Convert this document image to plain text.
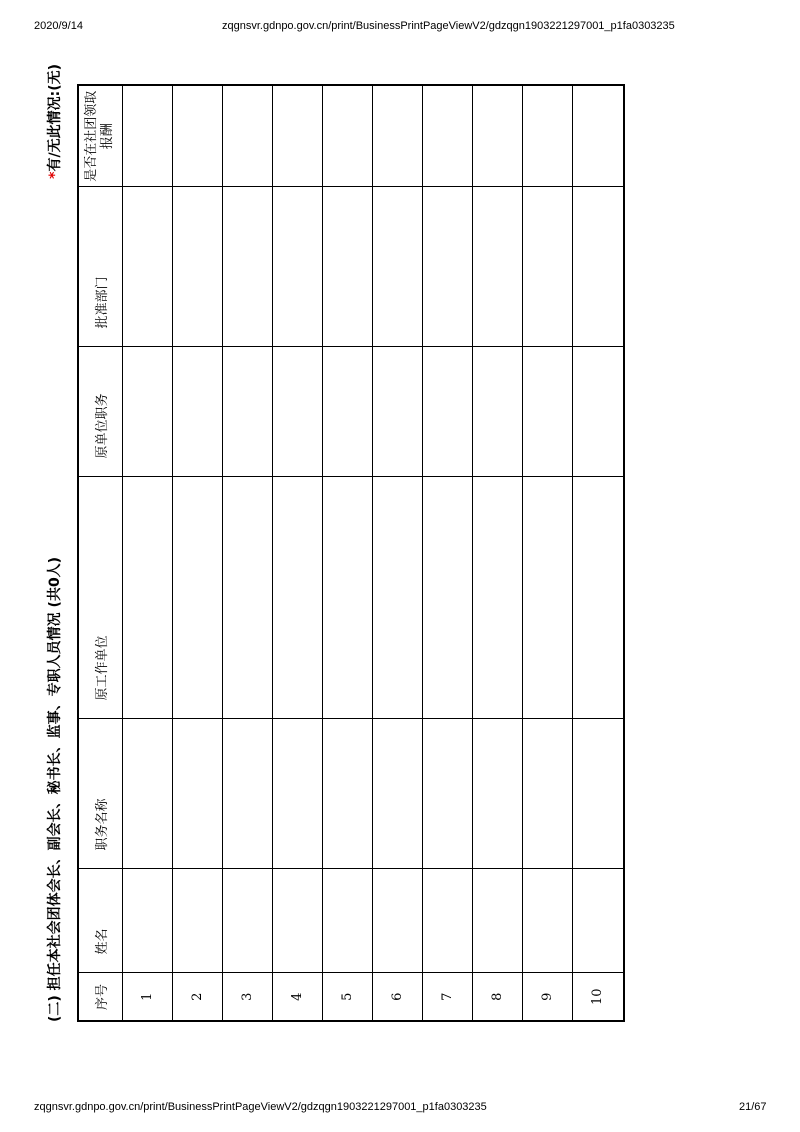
2020/9/14	zqgnsvr.gdnpo.gov.cn/print/BusinessPrintPageViewV2/gdzqgn1903221297001_p1fa0303235
(二) 担任本社会团体会长、副会长、秘书长、监事、专职人员情况 (共0人)
*有/无此情况:(无)
序号	姓名	职务名称	原工作单位	原单位职务	批准部门	是否在社团领取报酬
1						
2						
3						
4						
5						
6						
7						
8						
9						
10						
zqgnsvr.gdnpo.gov.cn/print/BusinessPrintPageViewV2/gdzqgn1903221297001_p1fa0303235	21/67
